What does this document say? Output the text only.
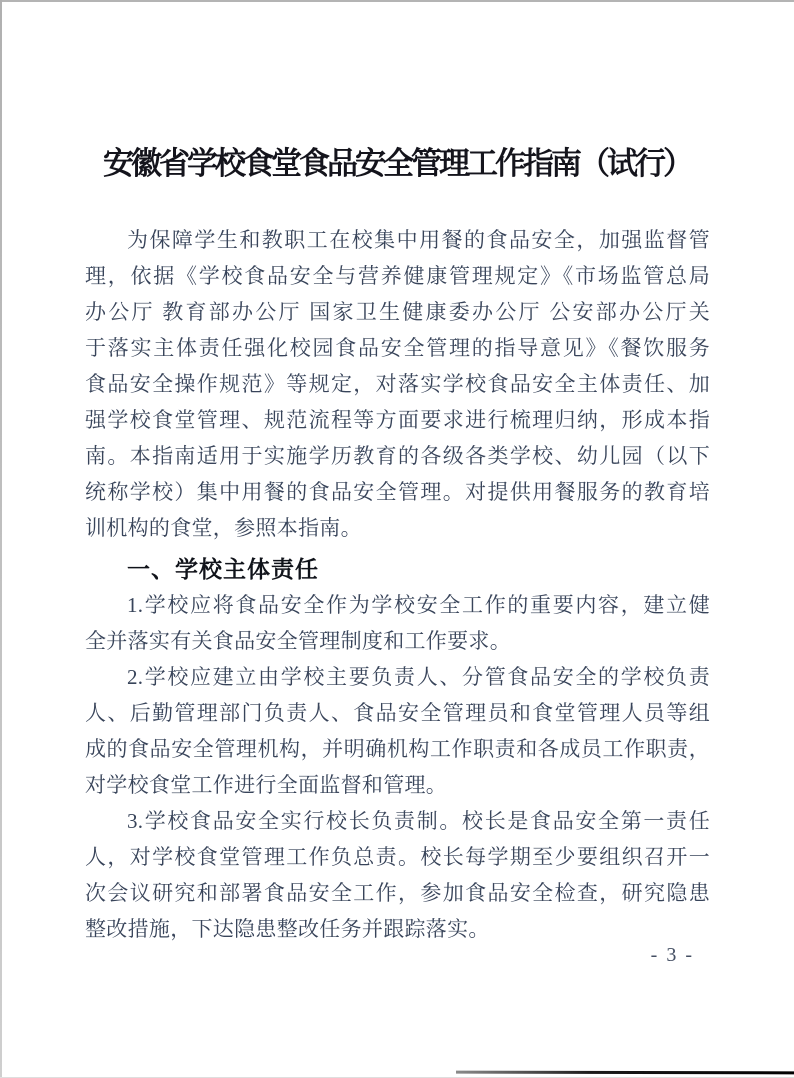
安徽省学校食堂食品安全管理工作指南（试行）
为保障学生和教职工在校集中用餐的食品安全，加强监督管
理，依据《学校食品安全与营养健康管理规定》《市场监管总局
办公厅 教育部办公厅 国家卫生健康委办公厅 公安部办公厅关
于落实主体责任强化校园食品安全管理的指导意见》《餐饮服务
食品安全操作规范》等规定，对落实学校食品安全主体责任、加
强学校食堂管理、规范流程等方面要求进行梳理归纳，形成本指
南。本指南适用于实施学历教育的各级各类学校、幼儿园（以下
统称学校）集中用餐的食品安全管理。对提供用餐服务的教育培
训机构的食堂，参照本指南。
一、学校主体责任
1.学校应将食品安全作为学校安全工作的重要内容，建立健
全并落实有关食品安全管理制度和工作要求。
2.学校应建立由学校主要负责人、分管食品安全的学校负责
人、后勤管理部门负责人、食品安全管理员和食堂管理人员等组
成的食品安全管理机构，并明确机构工作职责和各成员工作职责，
对学校食堂工作进行全面监督和管理。
3.学校食品安全实行校长负责制。校长是食品安全第一责任
人，对学校食堂管理工作负总责。校长每学期至少要组织召开一
次会议研究和部署食品安全工作，参加食品安全检查，研究隐患
整改措施，下达隐患整改任务并跟踪落实。
- 3 -
